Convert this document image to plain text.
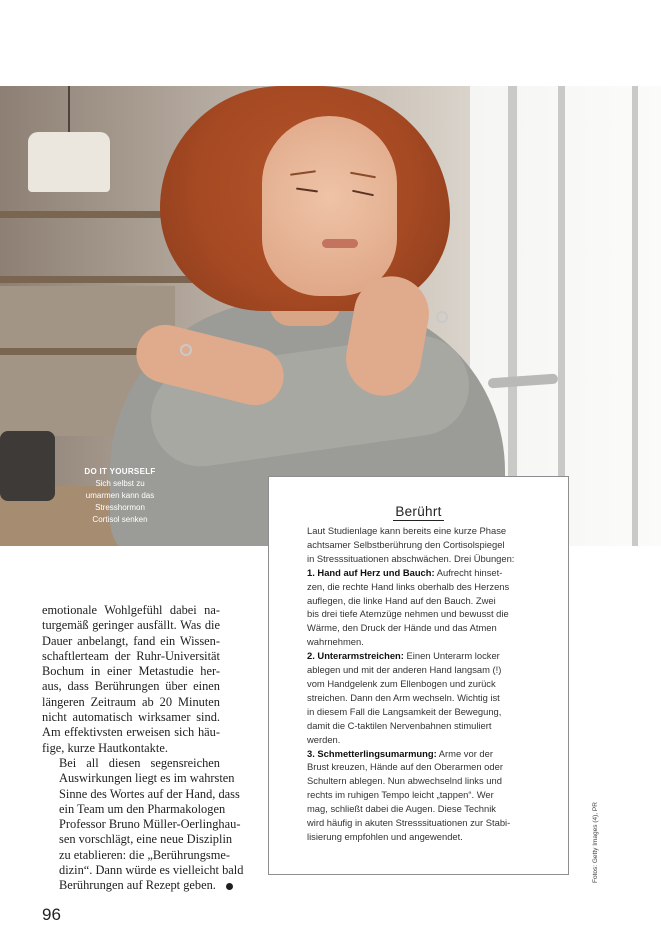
DO IT YOURSELF
Sich selbst zu
umarmen kann das
Stresshormon
Cortisol senken

emotionale Wohlgefühl dabei na-
turgemäß geringer ausfällt. Was die
Dauer anbelangt, fand ein Wissen-
schaftlerteam der Ruhr-Universität
Bochum in einer Metastudie her-
aus, dass Berührungen über einen
längeren Zeitraum ab 20 Minuten
nicht automatisch wirksamer sind.
Am effektivsten erweisen sich häu-
fige, kurze Hautkontakte.

Bei all diesen segensreichen
Auswirkungen liegt es im wahrsten
Sinne des Wortes auf der Hand, dass
ein Team um den Pharmakologen
Professor Bruno Müller-Oerlinghau-
sen vorschlägt, eine neue Disziplin
zu etablieren: die „Berührungsme-
dizin“. Dann würde es vielleicht bald
Berührungen auf Rezept geben.

Berührt
Laut Studienlage kann bereits eine kurze Phase
achtsamer Selbstberührung den Cortisolspiegel
in Stresssituationen abschwächen. Drei Übungen:
1. Hand auf Herz und Bauch: Aufrecht hinset-
zen, die rechte Hand links oberhalb des Herzens
auflegen, die linke Hand auf den Bauch. Zwei
bis drei tiefe Atemzüge nehmen und bewusst die
Wärme, den Druck der Hände und das Atmen
wahrnehmen.
2. Unterarmstreichen: Einen Unterarm locker
ablegen und mit der anderen Hand langsam (!)
vom Handgelenk zum Ellenbogen und zurück
streichen. Dann den Arm wechseln. Wichtig ist
in diesem Fall die Langsamkeit der Bewegung,
damit die C-taktilen Nervenbahnen stimuliert
werden.
3. Schmetterlingsumarmung: Arme vor der
Brust kreuzen, Hände auf den Oberarmen oder
Schultern ablegen. Nun abwechselnd links und
rechts im ruhigen Tempo leicht „tappen“. Wer
mag, schließt dabei die Augen. Diese Technik
wird häufig in akuten Stresssituationen zur Stabi-
lisierung empfohlen und angewendet.	Fotos: Getty Images (4), PR
96
